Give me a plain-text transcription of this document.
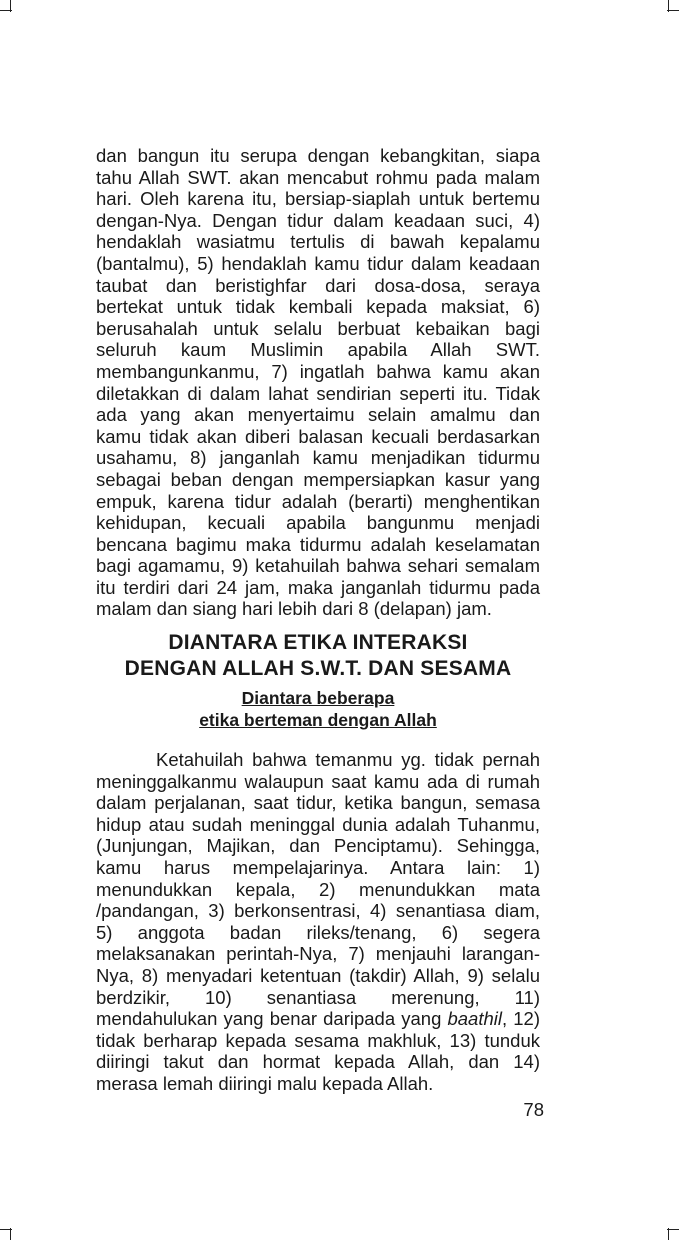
dan bangun itu serupa dengan kebangkitan, siapa tahu Allah SWT. akan mencabut rohmu pada malam hari. Oleh karena itu, bersiap-siaplah untuk bertemu dengan-Nya. Dengan tidur dalam keadaan suci, 4) hendaklah wasiatmu tertulis di bawah kepalamu (bantalmu), 5) hendaklah kamu tidur dalam keadaan taubat dan beristighfar dari dosa-dosa, seraya bertekat untuk tidak kembali kepada maksiat, 6) berusahalah untuk selalu berbuat kebaikan bagi seluruh kaum Muslimin apabila Allah SWT. membangunkanmu, 7) ingatlah bahwa kamu akan diletakkan di dalam lahat sendirian seperti itu. Tidak ada yang akan menyertaimu selain amalmu dan kamu tidak akan diberi balasan kecuali berdasarkan usahamu, 8) janganlah kamu menjadikan tidurmu sebagai beban dengan mempersiapkan kasur yang empuk, karena tidur adalah (berarti) menghentikan kehidupan, kecuali apabila bangunmu menjadi bencana bagimu maka tidurmu adalah keselamatan bagi agamamu, 9) ketahuilah bahwa sehari semalam itu terdiri dari 24 jam, maka janganlah tidurmu pada malam dan siang hari lebih dari 8 (delapan) jam.

DIANTARA ETIKA INTERAKSI

DENGAN ALLAH S.W.T. DAN SESAMA

Diantara beberapa

etika berteman dengan Allah

Ketahuilah bahwa temanmu yg. tidak pernah meninggalkanmu walaupun saat kamu ada di rumah dalam perjalanan, saat tidur, ketika bangun, semasa hidup atau sudah meninggal dunia adalah Tuhanmu, (Junjungan, Majikan, dan Penciptamu). Sehingga, kamu harus mempelajarinya. Antara lain: 1) menundukkan kepala, 2) menundukkan mata /pandangan, 3) berkonsentrasi, 4) senantiasa diam, 5) anggota badan rileks/tenang, 6) segera melaksanakan perintah-Nya, 7) menjauhi larangan-Nya, 8) menyadari ketentuan (takdir) Allah, 9) selalu berdzikir, 10) senantiasa merenung, 11) mendahulukan yang benar daripada yang baathil, 12) tidak berharap kepada sesama makhluk, 13) tunduk diiringi takut dan hormat kepada Allah, dan 14) merasa lemah diiringi malu kepada Allah.

78
